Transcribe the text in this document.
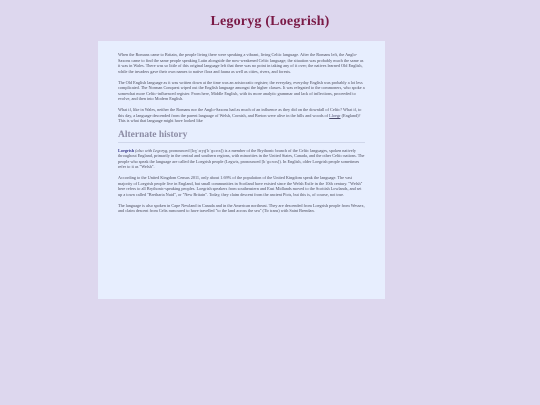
Legoryg (Loegrish)

When the Romans came to Britain, the people living there were speaking a vibrant, living Celtic language. After the Romans left, the Anglo-Saxons came to find the same people speaking Latin alongside the now-weakened Celtic language; the situation was probably much the same as it was in Wales. There was so little of this original language left that there was no point in taking any of it over; the natives learned Old English, while the invaders gave their own names to native flora and fauna as well as cities, rivers, and forests.

The Old English language as it was written down at the time was an aristocratic register; the everyday, everyday English was probably a lot less complicated. The Norman Conquest wiped out the English language amongst the higher classes. It was relegated to the commoners, who spoke a somewhat more Celtic-influenced register. From here, Middle English, with its more analytic grammar and lack of inflections, proceeded to evolve, and then into Modern English.

What if, like in Wales, neither the Romans nor the Anglo-Saxons had as much of an influence as they did on the downfall of Celtic? What if, to this day, a language descended from the parent language of Welsh, Cornish, and Breton were alive in the hills and woods of Lloegr (England)? This is what that language might have looked like

Alternate history

Loegrish (also with Legoryg, pronounced [lɛɣˈɔryɡ̊ lɪˈɡɔːrɪx]) is a member of the Brythonic branch of the Celtic languages, spoken natively throughout England, primarily in the central and southern regions, with minorities in the United States, Canada, and the other Celtic nations. The people who speak the language are called the Loegrish people (Legwis, pronounced [lɪˈɡɔːwɪs]). In English, older Loegrish people sometimes refer to it as "Welsh".

According to the United Kingdom Census 2011, only about 1.69% of the population of the United Kingdom speak the language. The vast majority of Loegrish people live in England, but small communities in Scotland have existed since the Welsh Exile in the 10th century. "Welsh" here refers to all Brythonic-speaking peoples. Loegrish speakers from southeastern and East Midlands moved to the Scottish Lowlands, and set up a town called "Bretharia Nuid", or "New Britain". Today, they claim descent from the ancient Picts, but this is, of course, not true.

The language is also spoken in Cape Newland in Canada and in the American northeast. They are descended from Loegrish people from Wessex, and claim descent from Celts rumoured to have travelled "to the land across the sea" (Tir trans) with Saint Brendan.
